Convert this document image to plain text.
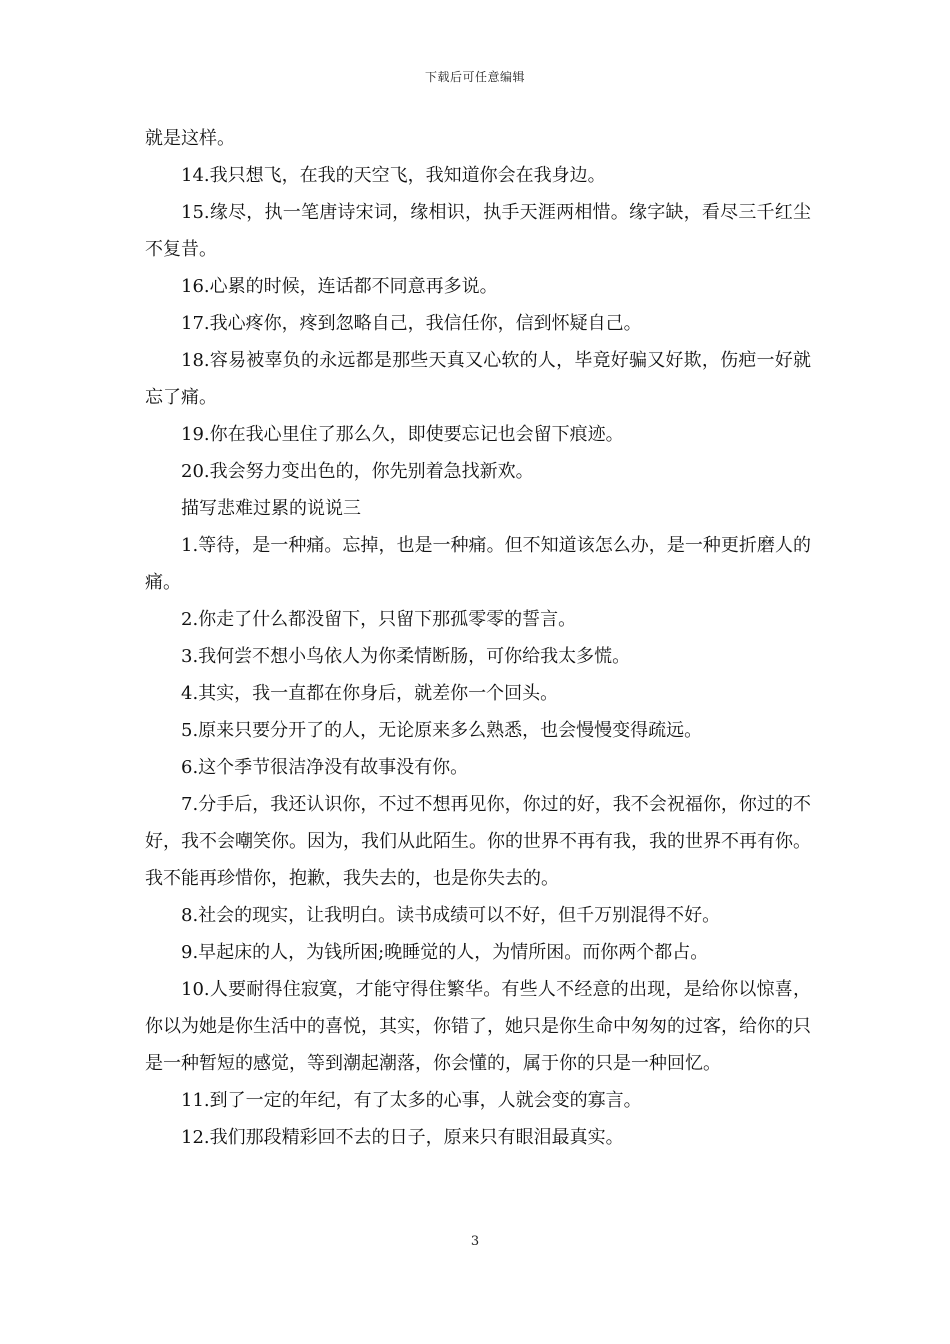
下载后可任意编辑

就是这样。

14.我只想飞，在我的天空飞，我知道你会在我身边。

15.缘尽，执一笔唐诗宋词，缘相识，执手天涯两相惜。缘字缺，看尽三千红尘不复昔。

16.心累的时候，连话都不同意再多说。

17.我心疼你，疼到忽略自己，我信任你，信到怀疑自己。

18.容易被辜负的永远都是那些天真又心软的人，毕竟好骗又好欺，伤疤一好就忘了痛。

19.你在我心里住了那么久，即使要忘记也会留下痕迹。

20.我会努力变出色的，你先别着急找新欢。

描写悲难过累的说说三

1.等待，是一种痛。忘掉，也是一种痛。但不知道该怎么办，是一种更折磨人的痛。

2.你走了什么都没留下，只留下那孤零零的誓言。

3.我何尝不想小鸟依人为你柔情断肠，可你给我太多慌。

4.其实，我一直都在你身后，就差你一个回头。

5.原来只要分开了的人，无论原来多么熟悉，也会慢慢变得疏远。

6.这个季节很洁净没有故事没有你。

7.分手后，我还认识你，不过不想再见你，你过的好，我不会祝福你，你过的不好，我不会嘲笑你。因为，我们从此陌生。你的世界不再有我，我的世界不再有你。我不能再珍惜你，抱歉，我失去的，也是你失去的。

8.社会的现实，让我明白。读书成绩可以不好，但千万别混得不好。

9.早起床的人，为钱所困;晚睡觉的人，为情所困。而你两个都占。

10.人要耐得住寂寞，才能守得住繁华。有些人不经意的出现，是给你以惊喜，你以为她是你生活中的喜悦，其实，你错了，她只是你生命中匆匆的过客，给你的只是一种暂短的感觉，等到潮起潮落，你会懂的，属于你的只是一种回忆。

11.到了一定的年纪，有了太多的心事，人就会变的寡言。

12.我们那段精彩回不去的日子，原来只有眼泪最真实。

3
